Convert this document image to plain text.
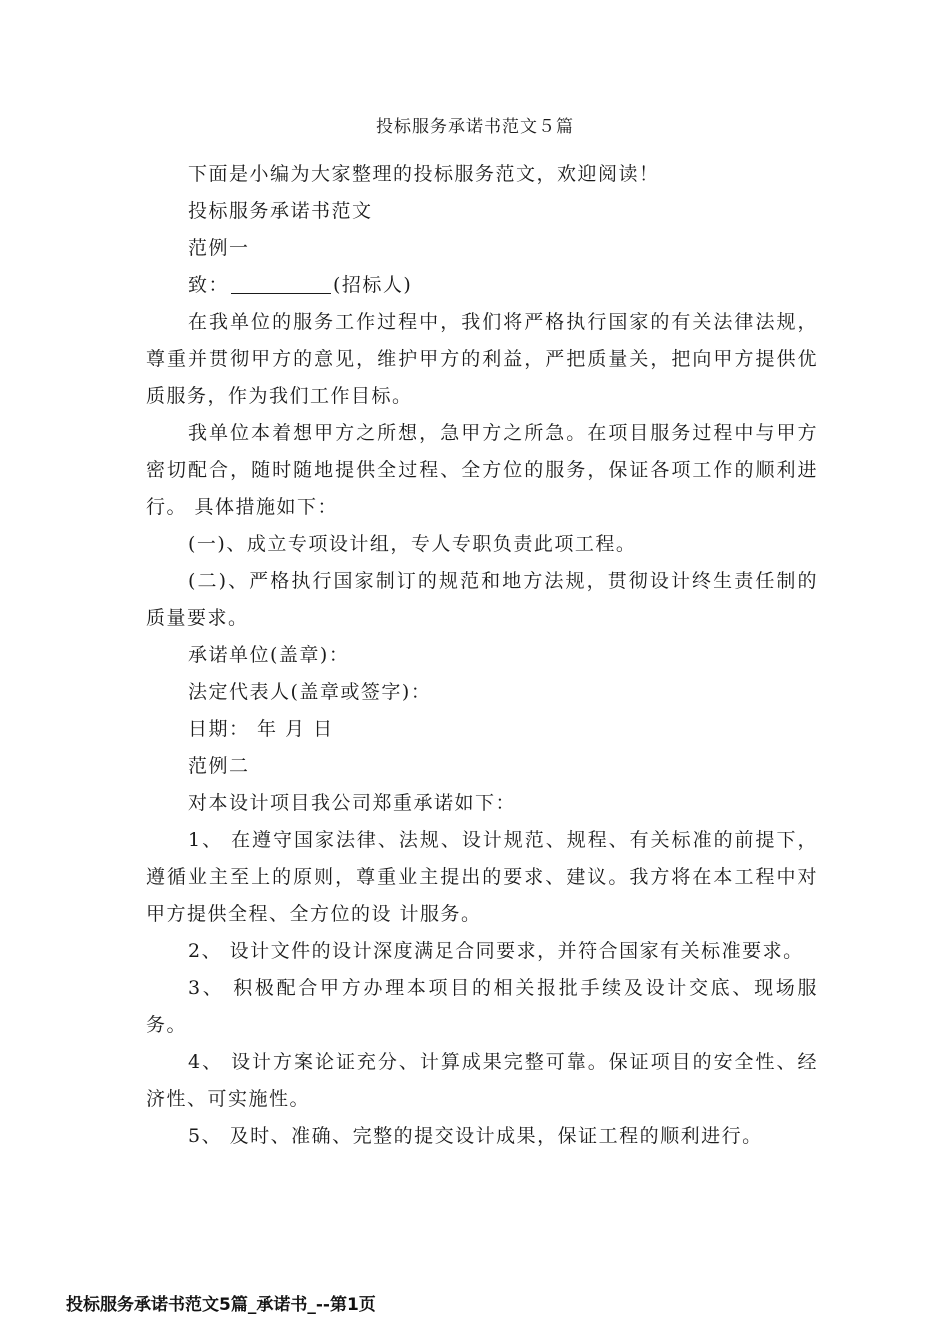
投标服务承诺书范文５篇

下面是小编为大家整理的投标服务范文，欢迎阅读！

投标服务承诺书范文

范例一

致：	(招标人)

在我单位的服务工作过程中，我们将严格执行国家的有关法律法规，尊重并贯彻甲方的意见，维护甲方的利益，严把质量关，把向甲方提供优质服务，作为我们工作目标。

我单位本着想甲方之所想，急甲方之所急。在项目服务过程中与甲方密切配合，随时随地提供全过程、全方位的服务，保证各项工作的顺利进行。 具体措施如下：

(一)、成立专项设计组，专人专职负责此项工程。

(二)、严格执行国家制订的规范和地方法规，贯彻设计终生责任制的质量要求。

承诺单位(盖章)：

法定代表人(盖章或签字)：

日期： 年 月 日

范例二

对本设计项目我公司郑重承诺如下：

1、 在遵守国家法律、法规、设计规范、规程、有关标准的前提下，遵循业主至上的原则，尊重业主提出的要求、建议。我方将在本工程中对甲方提供全程、全方位的设 计服务。

2、 设计文件的设计深度满足合同要求，并符合国家有关标准要求。

3、 积极配合甲方办理本项目的相关报批手续及设计交底、现场服务。

4、 设计方案论证充分、计算成果完整可靠。保证项目的安全性、经济性、可实施性。

5、 及时、准确、完整的提交设计成果，保证工程的顺利进行。

投标服务承诺书范文5篇_承诺书_--第1页
